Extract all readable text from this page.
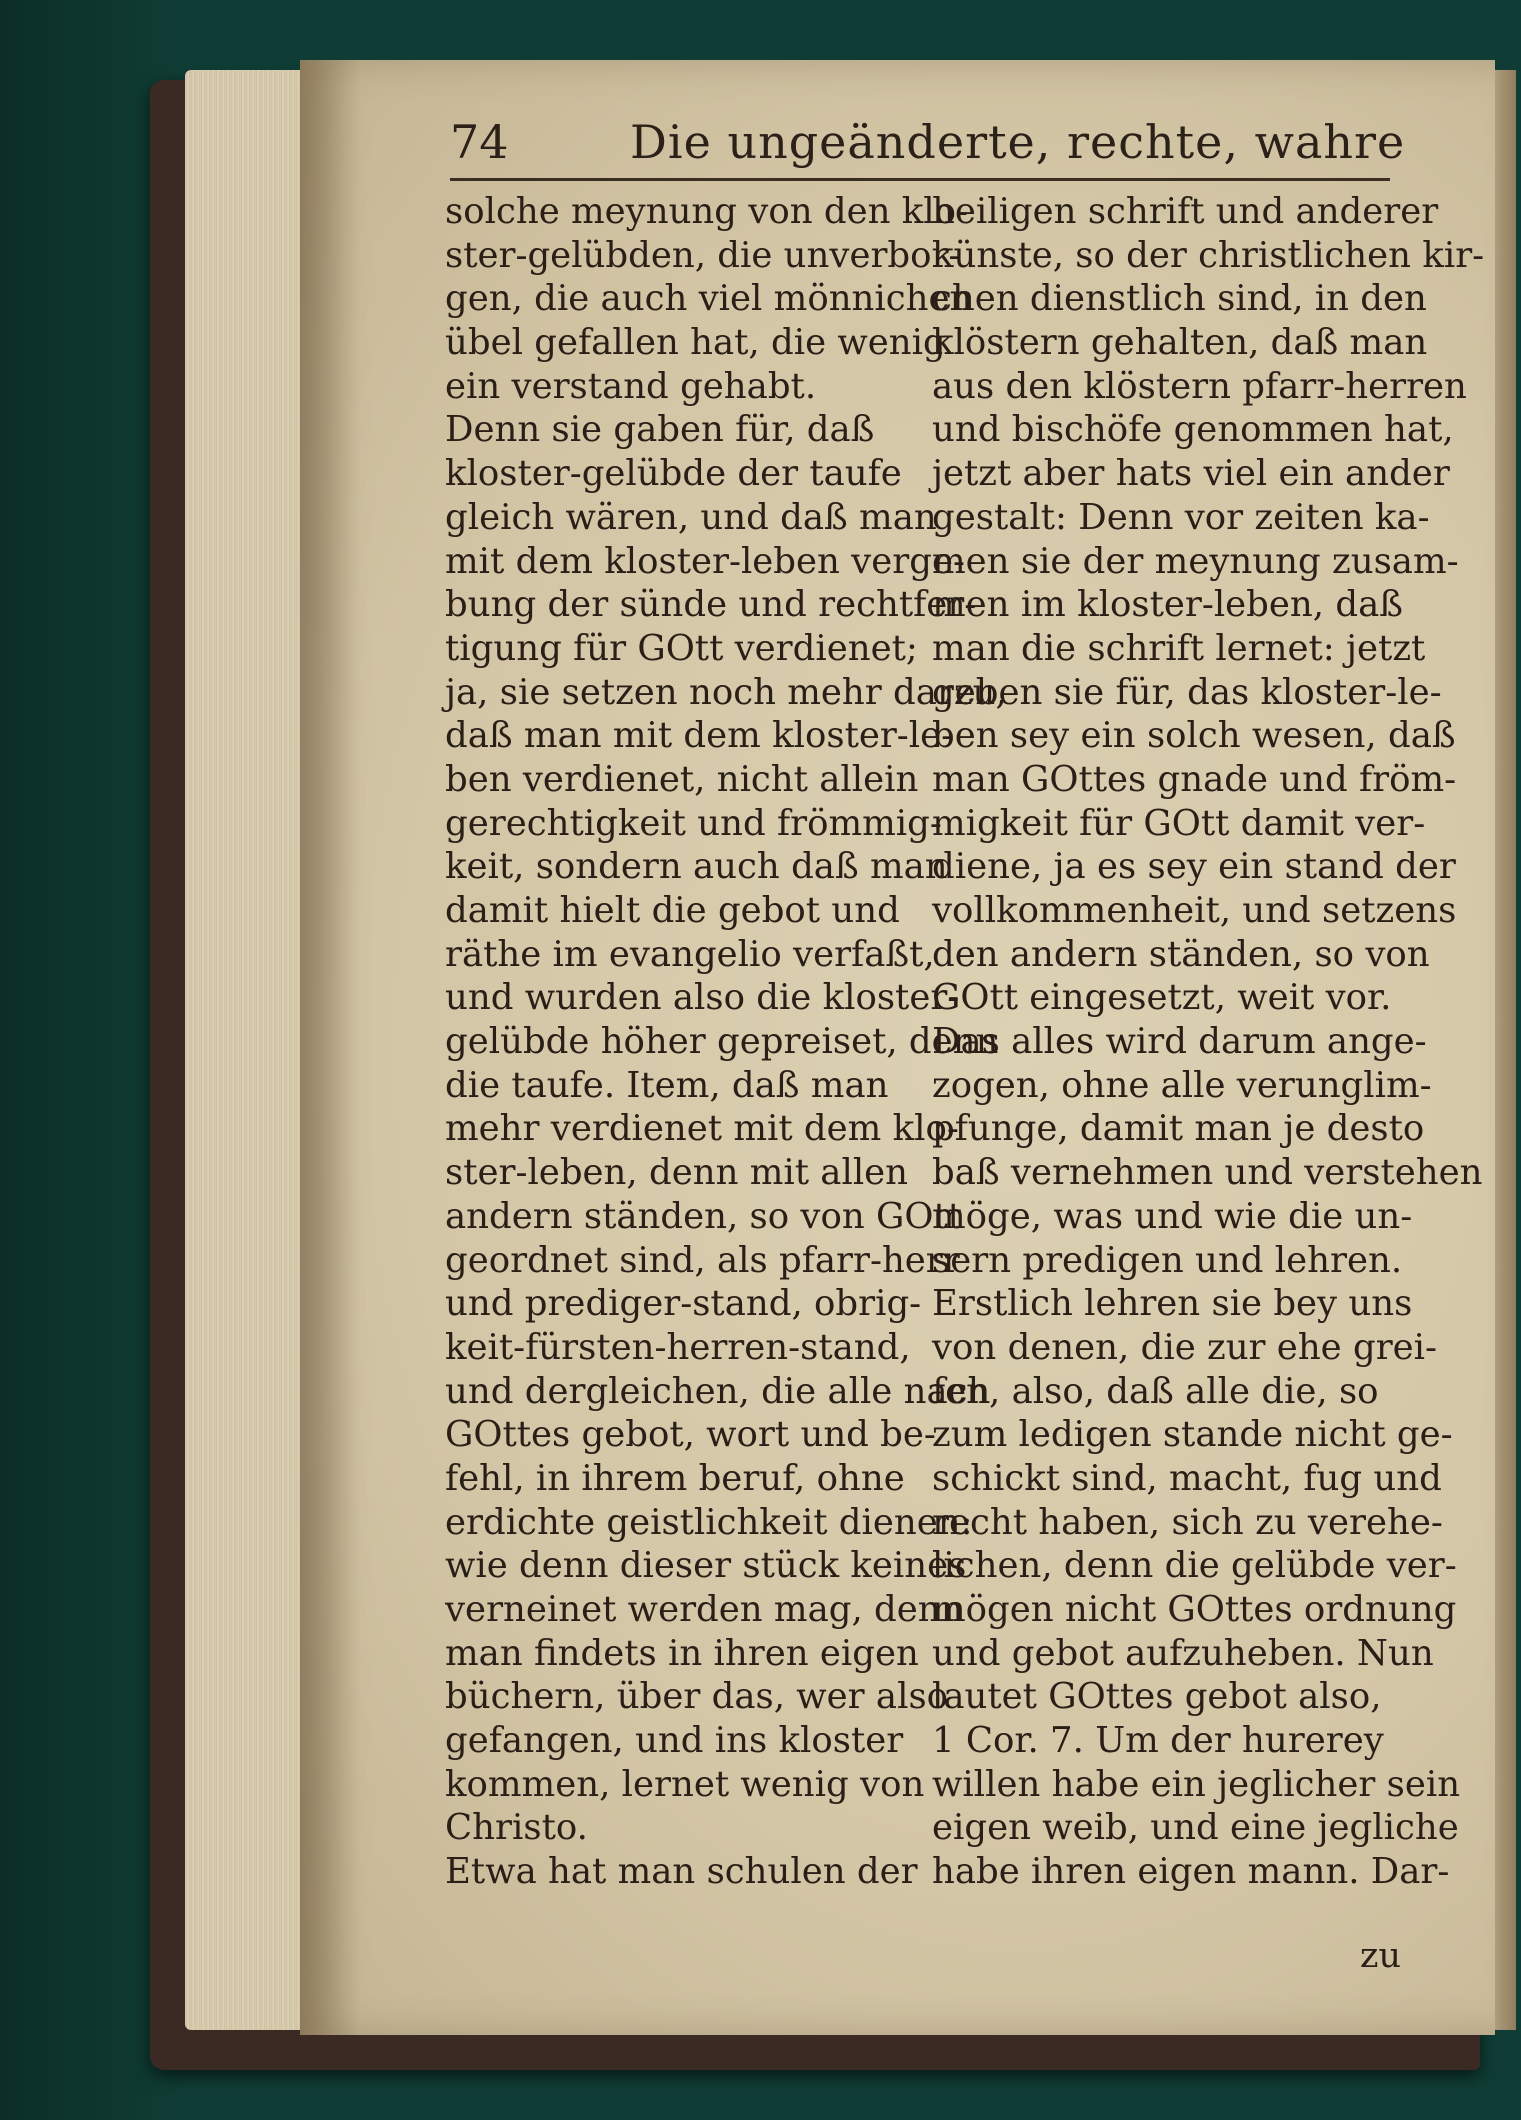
74	Die ungeänderte, rechte, wahre
solche meynung von den klo-
ster-gelübden, die unverbor-
gen, die auch viel mönnichen
übel gefallen hat, die wenig
ein verstand gehabt.
Denn sie gaben für, daß
kloster-gelübde der taufe
gleich wären, und daß man
mit dem kloster-leben verge-
bung der sünde und rechtfer-
tigung für GOtt verdienet;
ja, sie setzen noch mehr darzu,
daß man mit dem kloster-le-
ben verdienet, nicht allein
gerechtigkeit und frömmig-
keit, sondern auch daß man
damit hielt die gebot und
räthe im evangelio verfaßt,
und wurden also die kloster-
gelübde höher gepreiset, denn
die taufe. Item, daß man
mehr verdienet mit dem klo-
ster-leben, denn mit allen
andern ständen, so von GOtt
geordnet sind, als pfarr-herr
und prediger-stand, obrig-
keit-fürsten-herren-stand,
und dergleichen, die alle nach
GOttes gebot, wort und be-
fehl, in ihrem beruf, ohne
erdichte geistlichkeit dienen:
wie denn dieser stück keines
verneinet werden mag, denn
man findets in ihren eigen
büchern, über das, wer also
gefangen, und ins kloster
kommen, lernet wenig von
Christo.
Etwa hat man schulen der
heiligen schrift und anderer
künste, so der christlichen kir-
chen dienstlich sind, in den
klöstern gehalten, daß man
aus den klöstern pfarr-herren
und bischöfe genommen hat,
jetzt aber hats viel ein ander
gestalt: Denn vor zeiten ka-
men sie der meynung zusam-
men im kloster-leben, daß
man die schrift lernet: jetzt
geben sie für, das kloster-le-
ben sey ein solch wesen, daß
man GOttes gnade und fröm-
migkeit für GOtt damit ver-
diene, ja es sey ein stand der
vollkommenheit, und setzens
den andern ständen, so von
GOtt eingesetzt, weit vor.
Das alles wird darum ange-
zogen, ohne alle verunglim-
pfunge, damit man je desto
baß vernehmen und verstehen
möge, was und wie die un-
sern predigen und lehren.
Erstlich lehren sie bey uns
von denen, die zur ehe grei-
fen, also, daß alle die, so
zum ledigen stande nicht ge-
schickt sind, macht, fug und
recht haben, sich zu verehe-
lichen, denn die gelübde ver-
mögen nicht GOttes ordnung
und gebot aufzuheben. Nun
lautet GOttes gebot also,
1 Cor. 7. Um der hurerey
willen habe ein jeglicher sein
eigen weib, und eine jegliche
habe ihren eigen mann. Dar-
zu
